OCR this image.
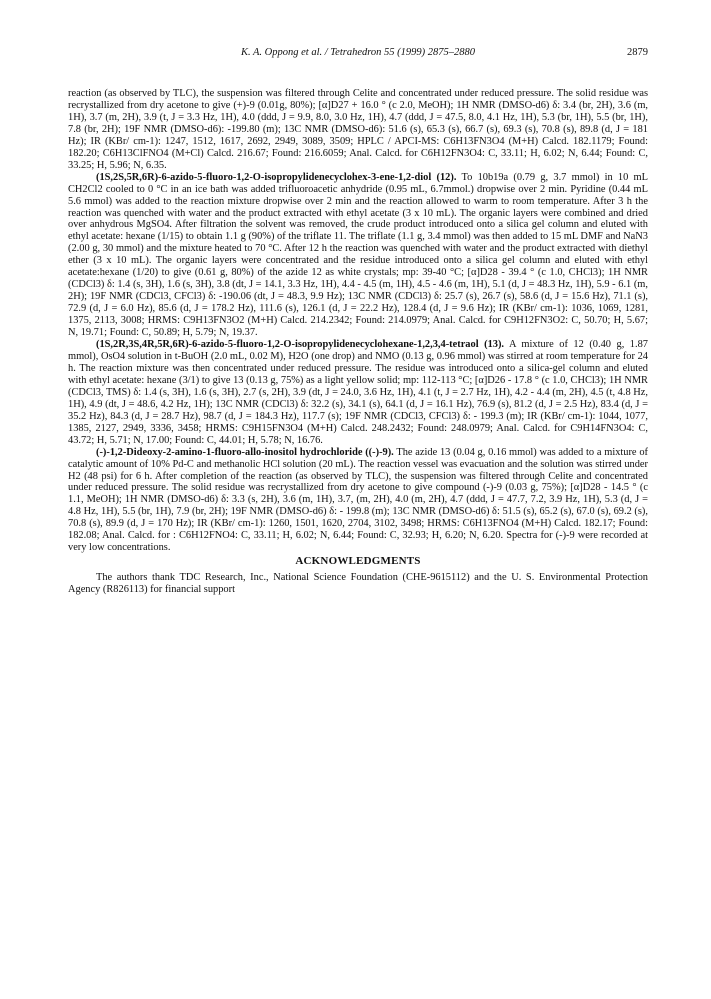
K. A. Oppong et al. / Tetrahedron 55 (1999) 2875–2880	2879

reaction (as observed by TLC), the suspension was filtered through Celite and concentrated under reduced pressure. The solid residue was recrystallized from dry acetone to give (+)-9 (0.01g, 80%); [α]D27 + 16.0 ° (c 2.0, MeOH); 1H NMR (DMSO-d6) δ: 3.4 (br, 2H), 3.6 (m, 1H), 3.7 (m, 2H), 3.9 (t, J = 3.3 Hz, 1H), 4.0 (ddd, J = 9.9, 8.0, 3.0 Hz, 1H), 4.7 (ddd, J = 47.5, 8.0, 4.1 Hz, 1H), 5.3 (br, 1H), 5.5 (br, 1H), 7.8 (br, 2H); 19F NMR (DMSO-d6): -199.80 (m); 13C NMR (DMSO-d6): 51.6 (s), 65.3 (s), 66.7 (s), 69.3 (s), 70.8 (s), 89.8 (d, J = 181 Hz); IR (KBr/ cm-1): 1247, 1512, 1617, 2692, 2949, 3089, 3509; HPLC / APCI-MS: C6H13FN3O4 (M+H) Calcd. 182.1179; Found: 182.20; C6H13ClFNO4 (M+Cl) Calcd. 216.67; Found: 216.6059; Anal. Calcd. for C6H12FN3O4: C, 33.11; H, 6.02; N, 6.44; Found: C, 33.25; H, 5.96; N, 6.35.

(1S,2S,5R,6R)-6-azido-5-fluoro-1,2-O-isopropylidenecyclohex-3-ene-1,2-diol (12). To 10b19a (0.79 g, 3.7 mmol) in 10 mL CH2Cl2 cooled to 0 °C in an ice bath was added trifluoroacetic anhydride (0.95 mL, 6.7mmol.) dropwise over 2 min. Pyridine (0.44 mL 5.6 mmol) was added to the reaction mixture dropwise over 2 min and the reaction allowed to warm to room temperature. After 3 h the reaction was quenched with water and the product extracted with ethyl acetate (3 x 10 mL). The organic layers were combined and dried over anhydrous MgSO4. After filtration the solvent was removed, the crude product introduced onto a silica gel column and eluted with ethyl acetate: hexane (1/15) to obtain 1.1 g (90%) of the triflate 11. The triflate (1.1 g, 3.4 mmol) was then added to 15 mL DMF and NaN3 (2.00 g, 30 mmol) and the mixture heated to 70 °C. After 12 h the reaction was quenched with water and the product extracted with diethyl ether (3 x 10 mL). The organic layers were concentrated and the residue introduced onto a silica gel column and eluted with ethyl acetate:hexane (1/20) to give (0.61 g, 80%) of the azide 12 as white crystals; mp: 39-40 °C; [α]D28 - 39.4 ° (c 1.0, CHCl3); 1H NMR (CDCl3) δ: 1.4 (s, 3H), 1.6 (s, 3H), 3.8 (dt, J = 14.1, 3.3 Hz, 1H), 4.4 - 4.5 (m, 1H), 4.5 - 4.6 (m, 1H), 5.1 (d, J = 48.3 Hz, 1H), 5.9 - 6.1 (m, 2H); 19F NMR (CDCl3, CFCl3) δ: -190.06 (dt, J = 48.3, 9.9 Hz); 13C NMR (CDCl3) δ: 25.7 (s), 26.7 (s), 58.6 (d, J = 15.6 Hz), 71.1 (s), 72.9 (d, J = 6.0 Hz), 85.6 (d, J = 178.2 Hz), 111.6 (s), 126.1 (d, J = 22.2 Hz), 128.4 (d, J = 9.6 Hz); IR (KBr/ cm-1): 1036, 1069, 1281, 1375, 2113, 3008; HRMS: C9H13FN3O2 (M+H) Calcd. 214.2342; Found: 214.0979; Anal. Calcd. for C9H12FN3O2: C, 50.70; H, 5.67; N, 19.71; Found: C, 50.89; H, 5.79; N, 19.37.

(1S,2R,3S,4R,5R,6R)-6-azido-5-fluoro-1,2-O-isopropylidenecyclohexane-1,2,3,4-tetraol (13). A mixture of 12 (0.40 g, 1.87 mmol), OsO4 solution in t-BuOH (2.0 mL, 0.02 M), H2O (one drop) and NMO (0.13 g, 0.96 mmol) was stirred at room temperature for 24 h. The reaction mixture was then concentrated under reduced pressure. The residue was introduced onto a silica-gel column and eluted with ethyl acetate: hexane (3/1) to give 13 (0.13 g, 75%) as a light yellow solid; mp: 112-113 °C; [α]D26 - 17.8 ° (c 1.0, CHCl3); 1H NMR (CDCl3, TMS) δ: 1.4 (s, 3H), 1.6 (s, 3H), 2.7 (s, 2H), 3.9 (dt, J = 24.0, 3.6 Hz, 1H), 4.1 (t, J = 2.7 Hz, 1H), 4.2 - 4.4 (m, 2H), 4.5 (t, 4.8 Hz, 1H), 4.9 (dt, J = 48.6, 4.2 Hz, 1H); 13C NMR (CDCl3) δ: 32.2 (s), 34.1 (s), 64.1 (d, J = 16.1 Hz), 76.9 (s), 81.2 (d, J = 2.5 Hz), 83.4 (d, J = 35.2 Hz), 84.3 (d, J = 28.7 Hz), 98.7 (d, J = 184.3 Hz), 117.7 (s); 19F NMR (CDCl3, CFCl3) δ: - 199.3 (m); IR (KBr/ cm-1): 1044, 1077, 1385, 2127, 2949, 3336, 3458; HRMS: C9H15FN3O4 (M+H) Calcd. 248.2432; Found: 248.0979; Anal. Calcd. for C9H14FN3O4: C, 43.72; H, 5.71; N, 17.00; Found: C, 44.01; H, 5.78; N, 16.76.

(-)-1,2-Dideoxy-2-amino-1-fluoro-allo-inositol hydrochloride ((-)-9). The azide 13 (0.04 g, 0.16 mmol) was added to a mixture of catalytic amount of 10% Pd-C and methanolic HCl solution (20 mL). The reaction vessel was evacuation and the solution was stirred under H2 (48 psi) for 6 h. After completion of the reaction (as observed by TLC), the suspension was filtered through Celite and concentrated under reduced pressure. The solid residue was recrystallized from dry acetone to give compound (-)-9 (0.03 g, 75%); [α]D28 - 14.5 ° (c 1.1, MeOH); 1H NMR (DMSO-d6) δ: 3.3 (s, 2H), 3.6 (m, 1H), 3.7, (m, 2H), 4.0 (m, 2H), 4.7 (ddd, J = 47.7, 7.2, 3.9 Hz, 1H), 5.3 (d, J = 4.8 Hz, 1H), 5.5 (br, 1H), 7.9 (br, 2H); 19F NMR (DMSO-d6) δ: - 199.8 (m); 13C NMR (DMSO-d6) δ: 51.5 (s), 65.2 (s), 67.0 (s), 69.2 (s), 70.8 (s), 89.9 (d, J = 170 Hz); IR (KBr/ cm-1): 1260, 1501, 1620, 2704, 3102, 3498; HRMS: C6H13FNO4 (M+H) Calcd. 182.17; Found: 182.08; Anal. Calcd. for : C6H12FNO4: C, 33.11; H, 6.02; N, 6.44; Found: C, 32.93; H, 6.20; N, 6.20. Spectra for (-)-9 were recorded at very low concentrations.

ACKNOWLEDGMENTS

The authors thank TDC Research, Inc., National Science Foundation (CHE-9615112) and the U. S. Environmental Protection Agency (R826113) for financial support
